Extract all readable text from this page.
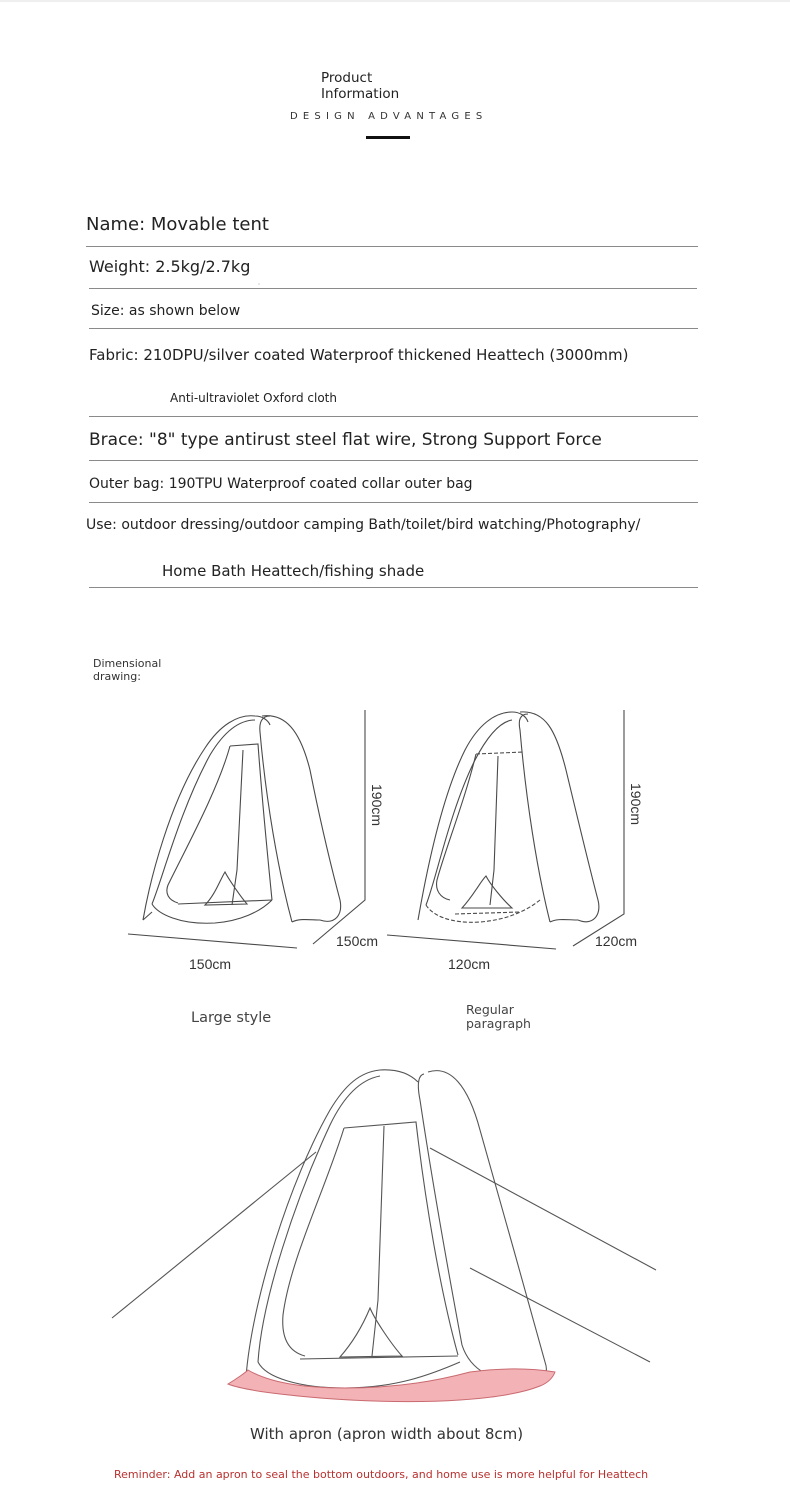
Product Information
DESIGN ADVANTAGES
Name: Movable tent
Weight: 2.5kg/2.7kg
Size: as shown below
Fabric: 210DPU/silver coated Waterproof thickened Heattech (3000mm)
Anti-ultraviolet Oxford cloth
Brace: "8" type antirust steel flat wire, Strong Support Force
Outer bag: 190TPU Waterproof coated collar outer bag
Use: outdoor dressing/outdoor camping Bath/toilet/bird watching/Photography/
Home Bath Heattech/fishing shade
Dimensional drawing:
190cm
150cm
150cm
190cm
120cm
120cm
Large style
Regular paragraph
With apron (apron width about 8cm)
Reminder: Add an apron to seal the bottom outdoors, and home use is more helpful for Heattech
